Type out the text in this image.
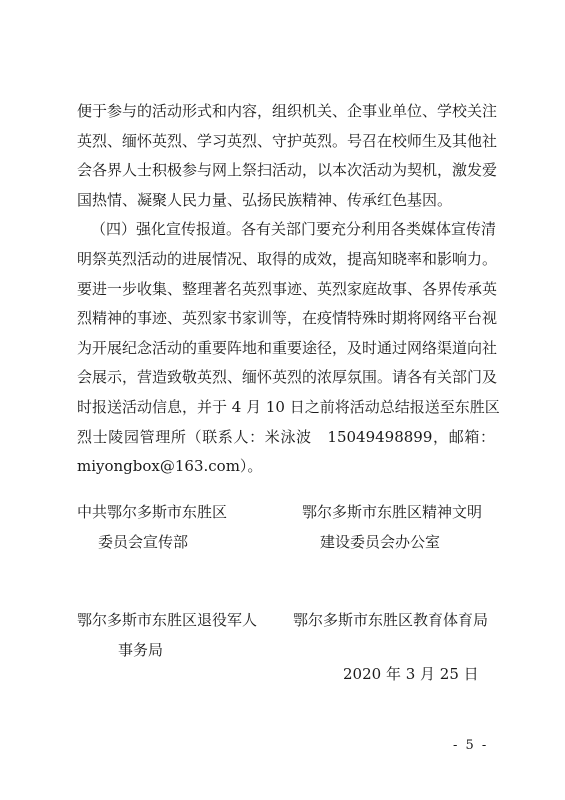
便于参与的活动形式和内容，组织机关、企事业单位、学校关注
英烈、缅怀英烈、学习英烈、守护英烈。号召在校师生及其他社
会各界人士积极参与网上祭扫活动，以本次活动为契机，激发爱
国热情、凝聚人民力量、弘扬民族精神、传承红色基因。
（四）强化宣传报道。各有关部门要充分利用各类媒体宣传清
明祭英烈活动的进展情况、取得的成效，提高知晓率和影响力。
要进一步收集、整理著名英烈事迹、英烈家庭故事、各界传承英
烈精神的事迹、英烈家书家训等，在疫情特殊时期将网络平台视
为开展纪念活动的重要阵地和重要途径，及时通过网络渠道向社
会展示，营造致敬英烈、缅怀英烈的浓厚氛围。请各有关部门及
时报送活动信息，并于 4 月 10 日之前将活动总结报送至东胜区
烈士陵园管理所（联系人：米泳波　15049498899，邮箱：
miyongbox@163.com）。
中共鄂尔多斯市东胜区
委员会宣传部
鄂尔多斯市东胜区精神文明
建设委员会办公室
鄂尔多斯市东胜区退役军人
事务局
鄂尔多斯市东胜区教育体育局
2020 年 3 月 25 日
- 5 -
